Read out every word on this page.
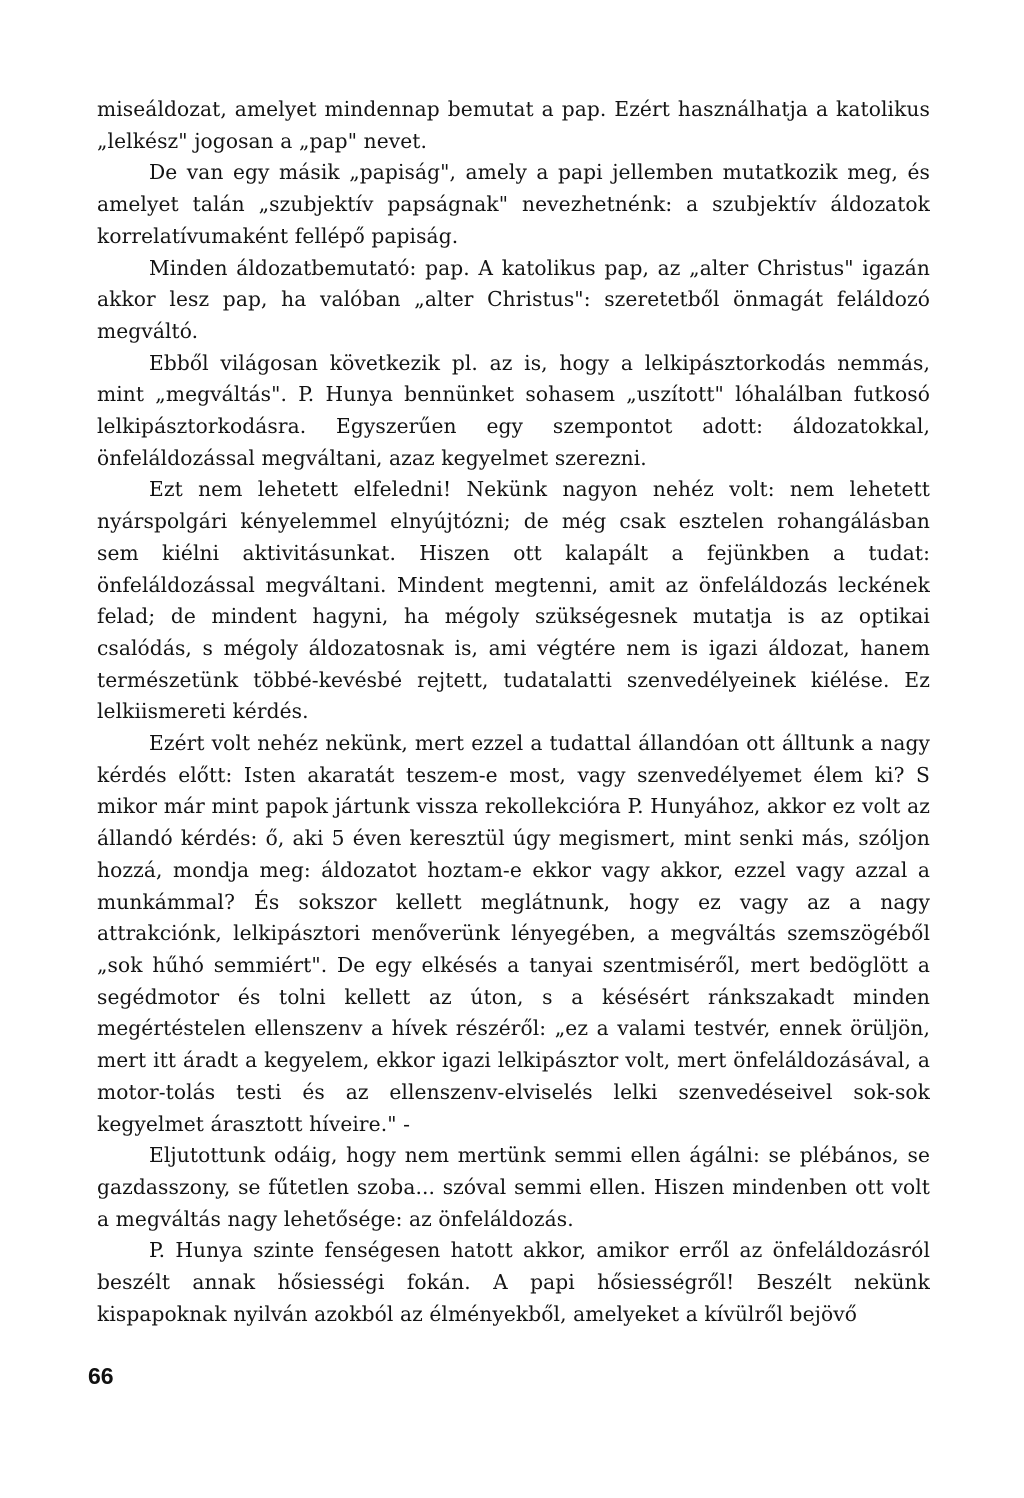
miseáldozat, amelyet mindennap bemutat a pap. Ezért használhatja a katolikus „lelkész" jogosan a „pap" nevet.

De van egy másik „papiság", amely a papi jellemben mutatkozik meg, és amelyet talán „szubjektív papságnak" nevezhetnénk: a szubjektív áldozatok korrelatívumaként fellépő papiság.

Minden áldozatbemutató: pap. A katolikus pap, az „alter Christus" igazán akkor lesz pap, ha valóban „alter Christus": szeretetből önmagát feláldozó megváltó.

Ebből világosan következik pl. az is, hogy a lelkipásztorkodás nemmás, mint „megváltás". P. Hunya bennünket sohasem „uszított" lóhalálban futkosó lelkipásztorkodásra. Egyszerűen egy szempontot adott: áldozatokkal, önfeláldozással megváltani, azaz kegyelmet szerezni.

Ezt nem lehetett elfeledni! Nekünk nagyon nehéz volt: nem lehetett nyárspolgári kényelemmel elnyújtózni; de még csak esztelen rohangálásban sem kiélni aktivitásunkat. Hiszen ott kalapált a fejünkben a tudat: önfeláldozással megváltani. Mindent megtenni, amit az önfeláldozás leckének felad; de mindent hagyni, ha mégoly szükségesnek mutatja is az optikai csalódás, s mégoly áldozatosnak is, ami végtére nem is igazi áldozat, hanem természetünk többé-kevésbé rejtett, tudatalatti szenvedélyeinek kiélése. Ez lelkiismereti kérdés.

Ezért volt nehéz nekünk, mert ezzel a tudattal állandóan ott álltunk a nagy kérdés előtt: Isten akaratát teszem-e most, vagy szenvedélyemet élem ki? S mikor már mint papok jártunk vissza rekollekcióra P. Hunyához, akkor ez volt az állandó kérdés: ő, aki 5 éven keresztül úgy megismert, mint senki más, szóljon hozzá, mondja meg: áldozatot hoztam-e ekkor vagy akkor, ezzel vagy azzal a munkámmal? És sokszor kellett meglátnunk, hogy ez vagy az a nagy attrakciónk, lelkipásztori menőverünk lényegében, a megváltás szemszögéből „sok hűhó semmiért". De egy elkésés a tanyai szentmiséről, mert bedöglött a segédmotor és tolni kellett az úton, s a késésért ránkszakadt minden megértéstelen ellenszenv a hívek részéről: „ez a valami testvér, ennek örüljön, mert itt áradt a kegyelem, ekkor igazi lelkipásztor volt, mert önfeláldozásával, a motor-tolás testi és az ellenszenv-elviselés lelki szenvedéseivel sok-sok kegyelmet árasztott híveire." -

Eljutottunk odáig, hogy nem mertünk semmi ellen ágálni: se plébános, se gazdasszony, se fűtetlen szoba... szóval semmi ellen. Hiszen mindenben ott volt a megváltás nagy lehetősége: az önfeláldozás.

P. Hunya szinte fenségesen hatott akkor, amikor erről az önfeláldozásról beszélt annak hősiességi fokán. A papi hősiességről! Beszélt nekünk kispapoknak nyilván azokból az élményekből, amelyeket a kívülről bejövő

66
